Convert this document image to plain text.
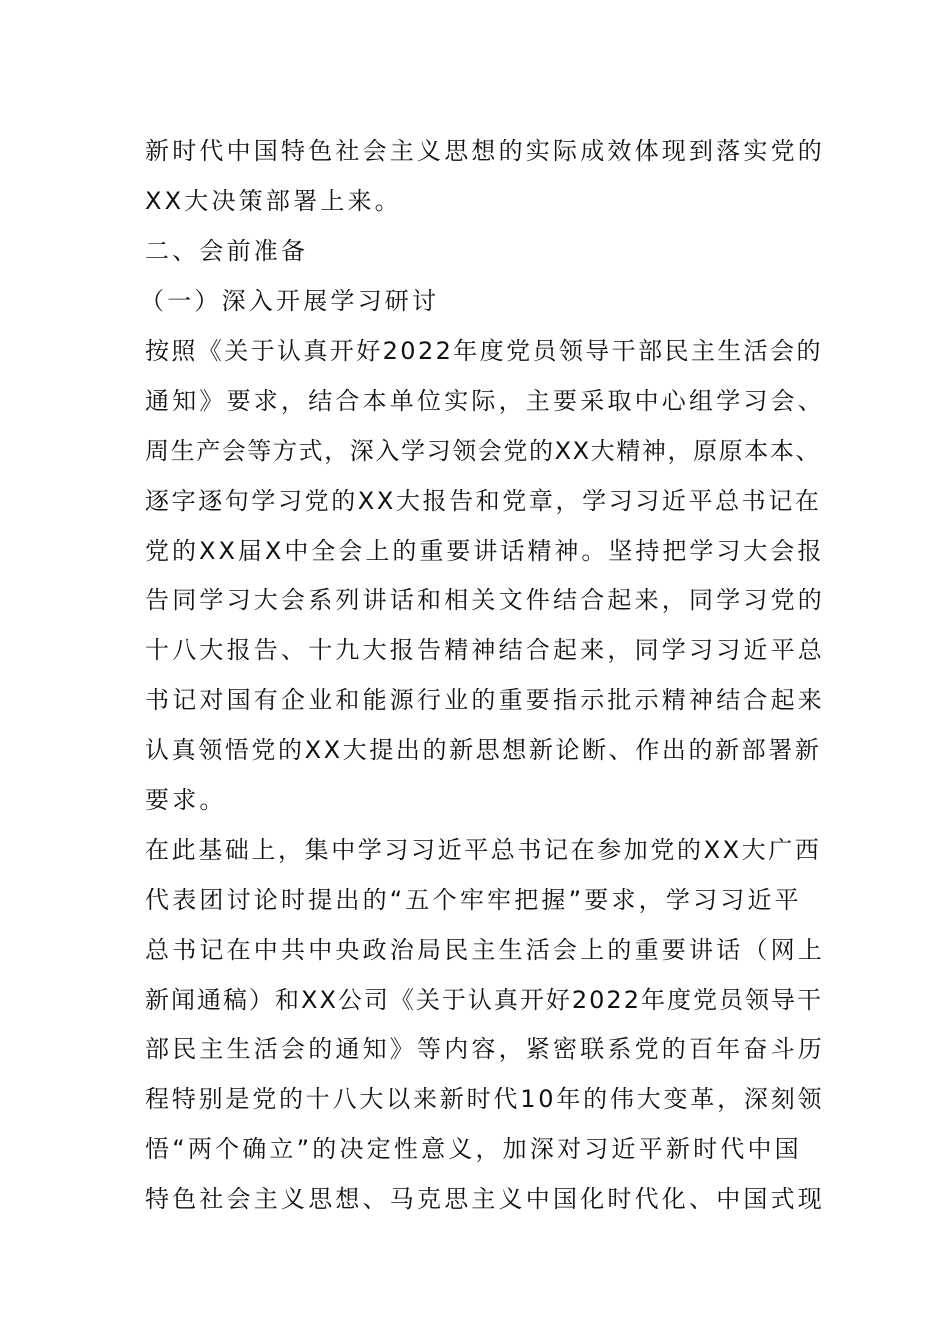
新时代中国特色社会主义思想的实际成效体现到落实党的
XX大决策部署上来。
二、会前准备
（一）深入开展学习研讨
按照《关于认真开好2022年度党员领导干部民主生活会的
通知》要求，结合本单位实际，主要采取中心组学习会、
周生产会等方式，深入学习领会党的XX大精神，原原本本、
逐字逐句学习党的XX大报告和党章，学习习近平总书记在
党的XX届X中全会上的重要讲话精神。坚持把学习大会报
告同学习大会系列讲话和相关文件结合起来，同学习党的
十八大报告、十九大报告精神结合起来，同学习习近平总
书记对国有企业和能源行业的重要指示批示精神结合起来
认真领悟党的XX大提出的新思想新论断、作出的新部署新
要求。
在此基础上，集中学习习近平总书记在参加党的XX大广西
代表团讨论时提出的“五个牢牢把握”要求，学习习近平
总书记在中共中央政治局民主生活会上的重要讲话（网上
新闻通稿）和XX公司《关于认真开好2022年度党员领导干
部民主生活会的通知》等内容，紧密联系党的百年奋斗历
程特别是党的十八大以来新时代10年的伟大变革，深刻领
悟“两个确立”的决定性意义，加深对习近平新时代中国
特色社会主义思想、马克思主义中国化时代化、中国式现
